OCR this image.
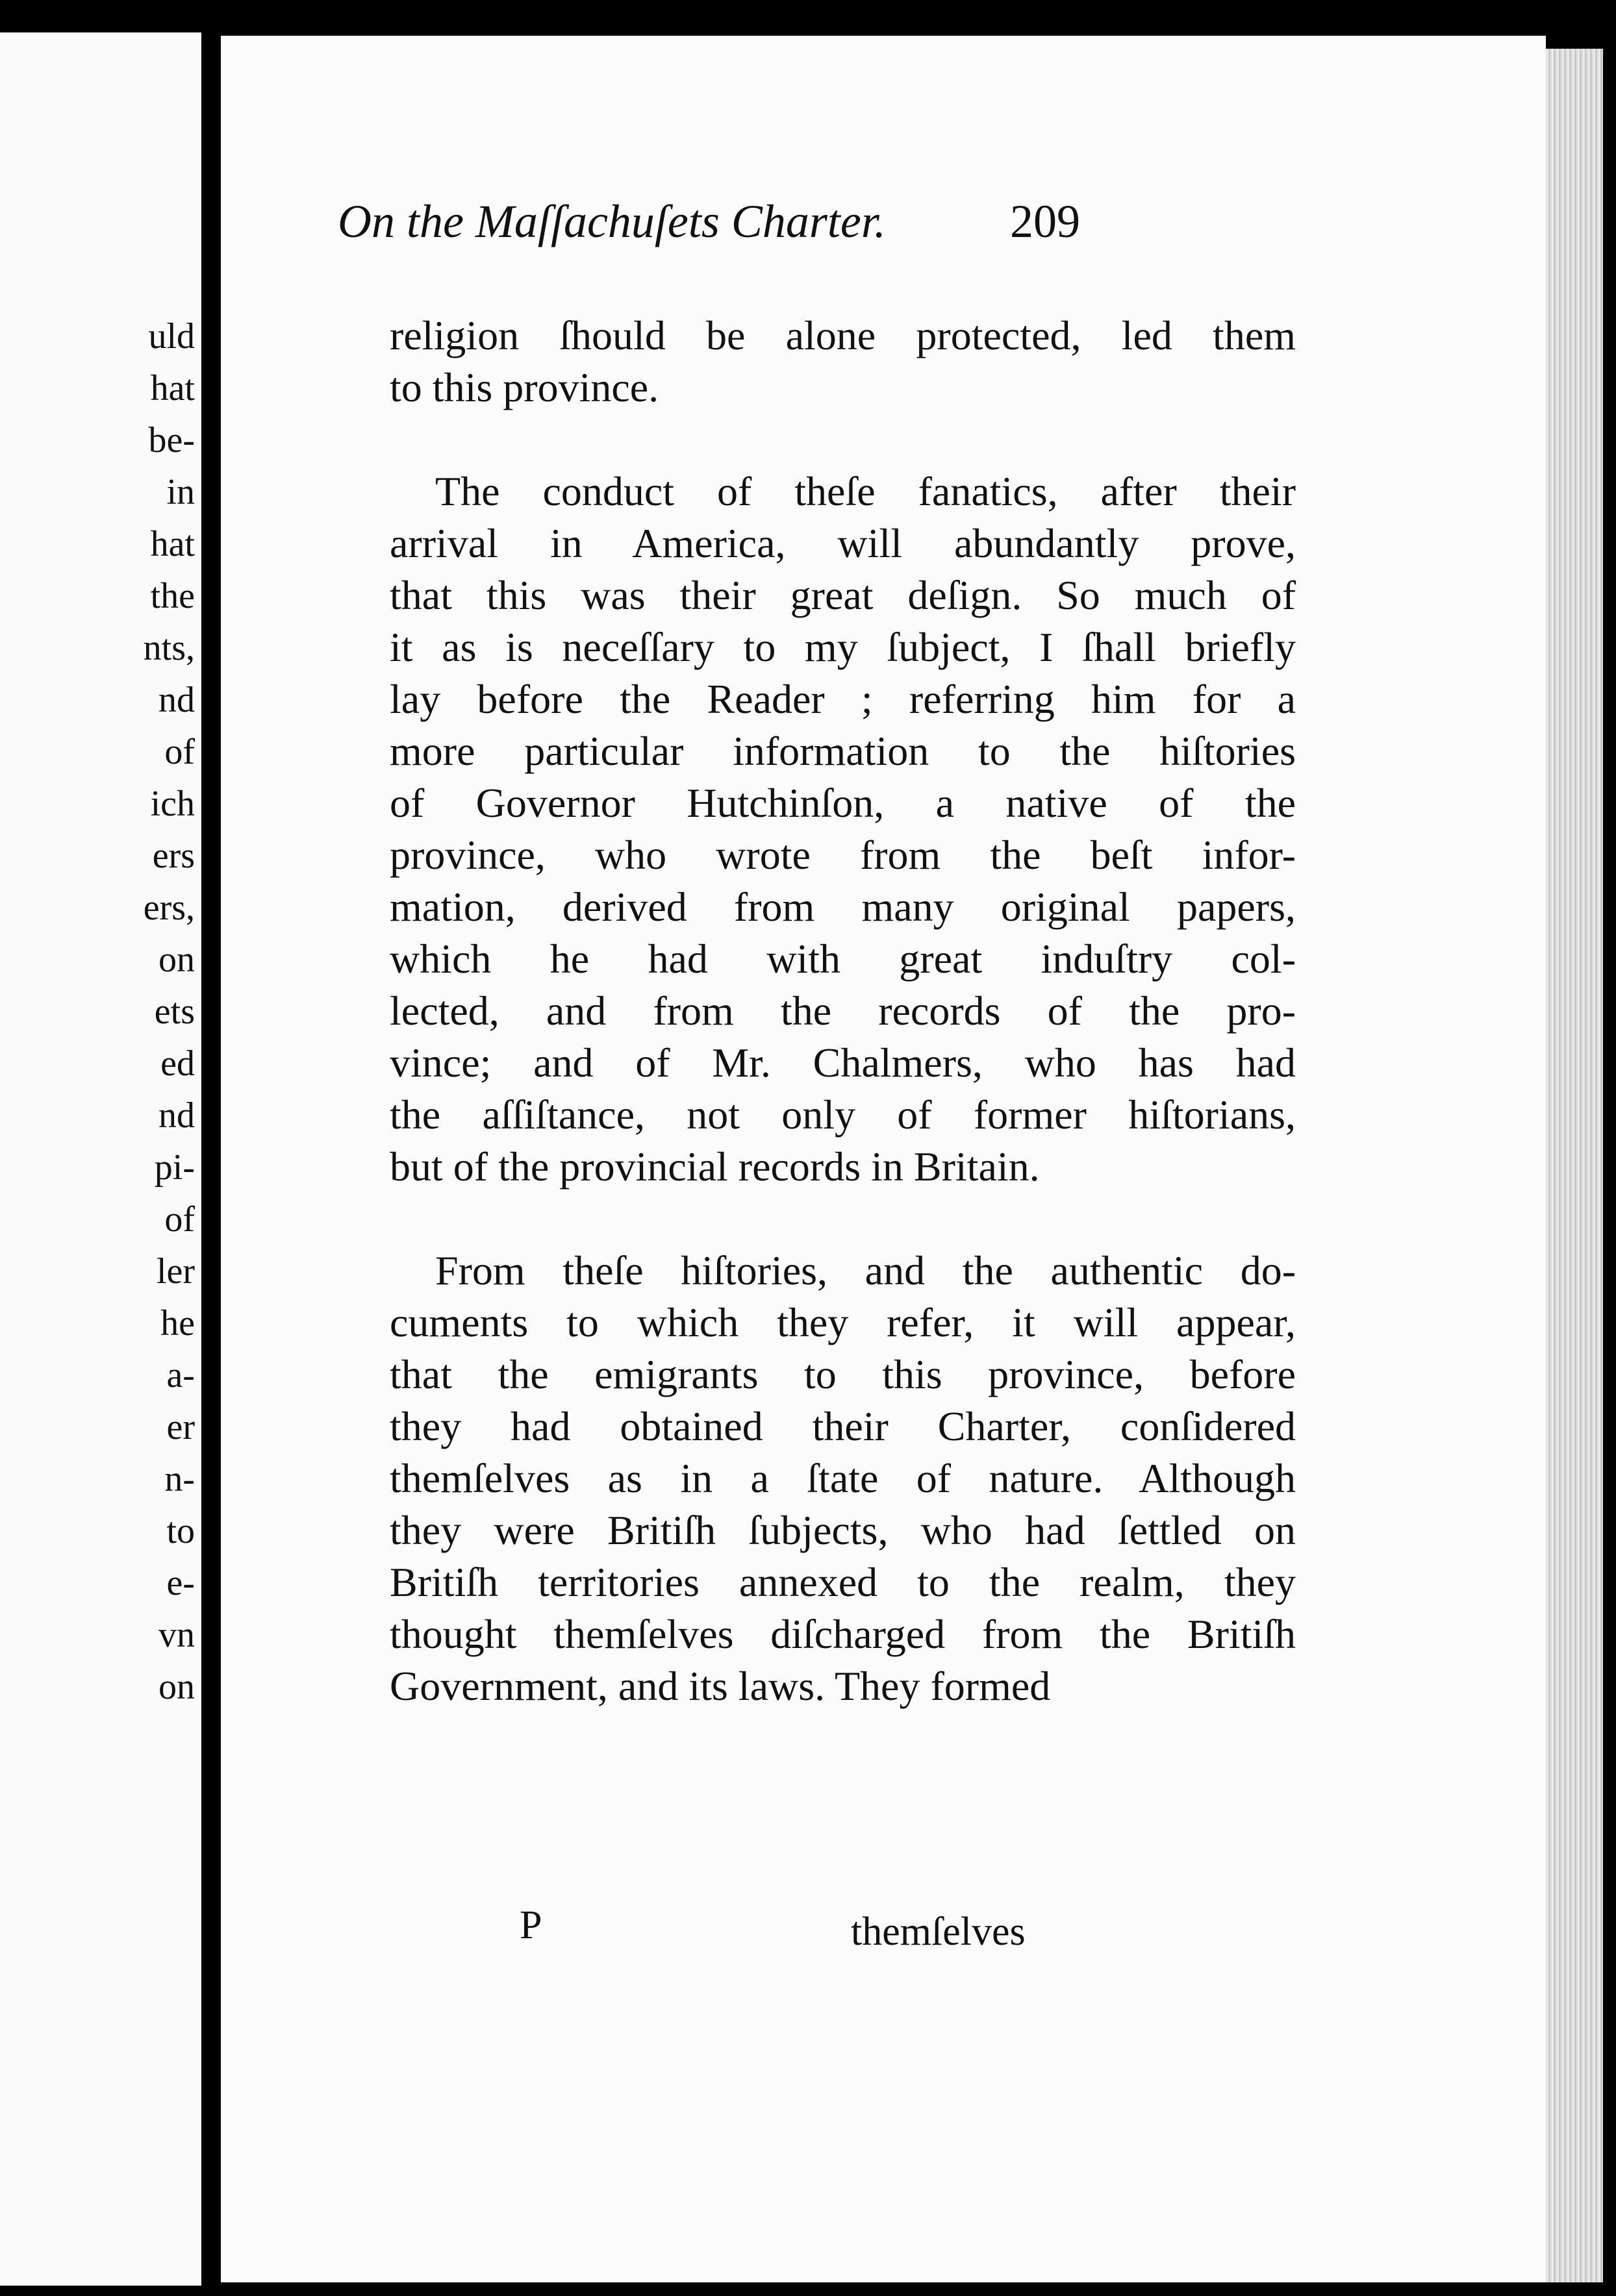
uld
hat
be-
in
hat
the
nts,
nd
of
ich
ers
ers,
on
ets
ed
nd
pi-
of
ler
he
a-
er
n-
to
e-
vn
on
On the Maſſachuſets Charter.	209
religion ſhould be alone protected, led them
to this province.
The conduct of theſe fanatics, after their
arrival in America, will abundantly prove,
that this was their great deſign. So much of
it as is neceſſary to my ſubject, I ſhall briefly
lay before the Reader ; referring him for a
more particular information to the hiſtories
of Governor Hutchinſon, a native of the
province, who wrote from the beſt infor-
mation, derived from many original papers,
which he had with great induſtry col-
lected, and from the records of the pro-
vince; and of Mr. Chalmers, who has had
the aſſiſtance, not only of former hiſtorians,
but of the provincial records in Britain.
From theſe hiſtories, and the authentic do-
cuments to which they refer, it will appear,
that the emigrants to this province, before
they had obtained their Charter, conſidered
themſelves as in a ſtate of nature. Although
they were Britiſh ſubjects, who had ſettled on
Britiſh territories annexed to the realm, they
thought themſelves diſcharged from the Britiſh
Government, and its laws. They formed
P	themſelves
